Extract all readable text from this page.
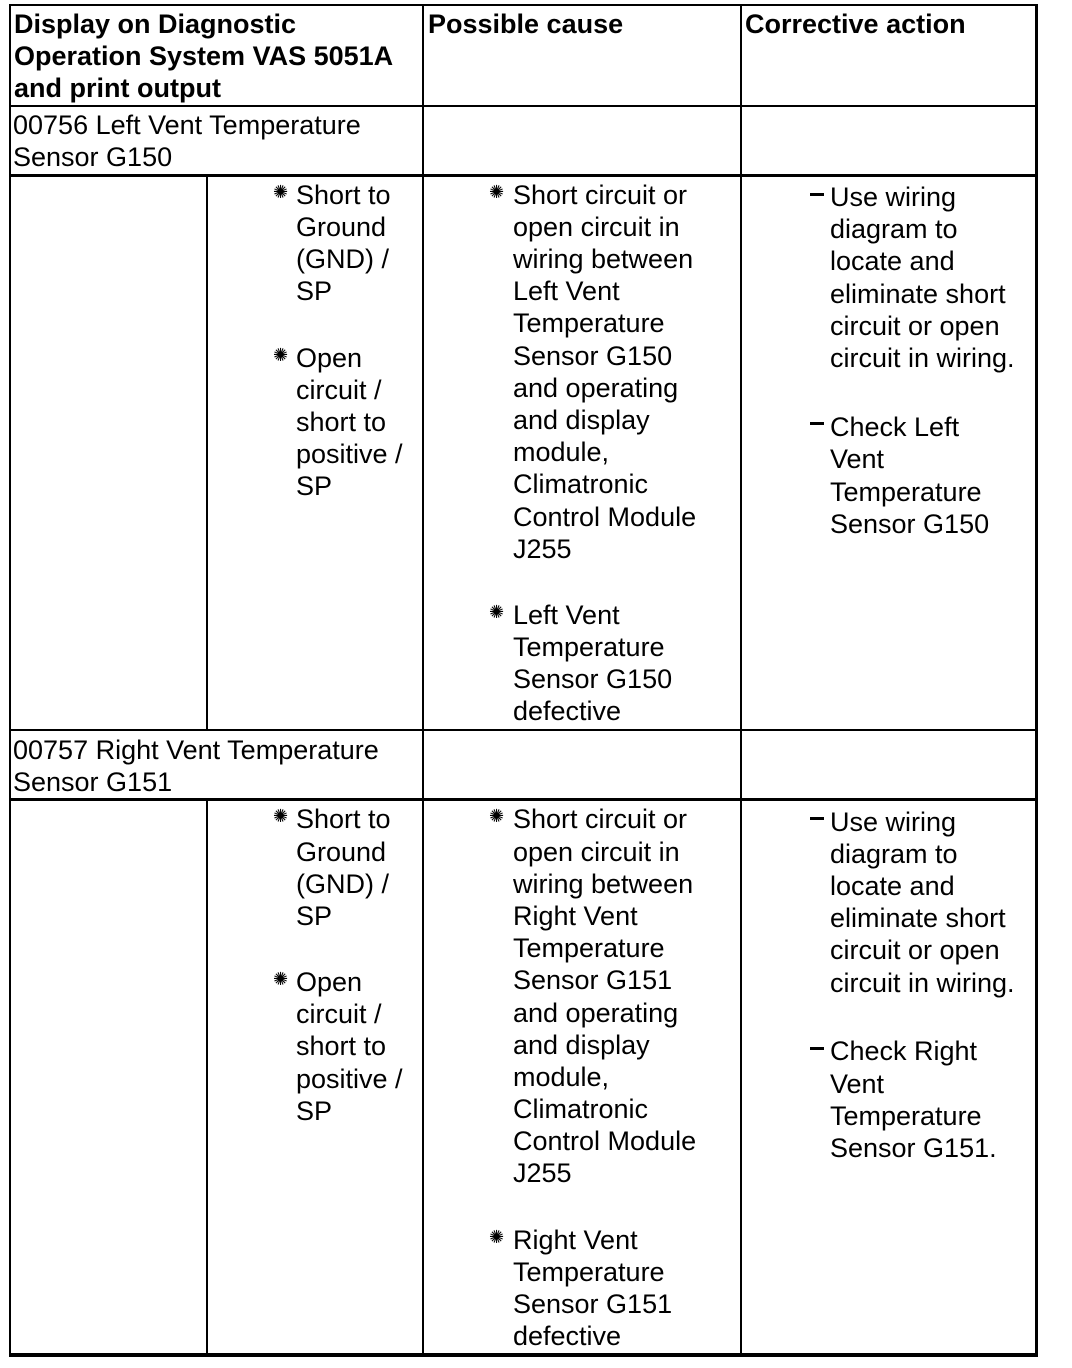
Display on Diagnostic
Operation System VAS 5051A
and print output
Possible cause	Corrective action
00756 Left Vent Temperature
Sensor G150
✺ Short to
Ground
(GND) /
SP
✺ Open
circuit /
short to
positive /
SP
✺ Short circuit or
open circuit in
wiring between
Left Vent
Temperature
Sensor G150
and operating
and display
module,
Climatronic
Control Module
J255
✺ Left Vent
Temperature
Sensor G150
defective
Use wiring
diagram to
locate and
eliminate short
circuit or open
circuit in wiring.
Check Left
Vent
Temperature
Sensor G150
00757 Right Vent Temperature
Sensor G151
✺ Short to
Ground
(GND) /
SP
✺ Open
circuit /
short to
positive /
SP
✺ Short circuit or
open circuit in
wiring between
Right Vent
Temperature
Sensor G151
and operating
and display
module,
Climatronic
Control Module
J255
✺ Right Vent
Temperature
Sensor G151
defective
Use wiring
diagram to
locate and
eliminate short
circuit or open
circuit in wiring.
Check Right
Vent
Temperature
Sensor G151.
